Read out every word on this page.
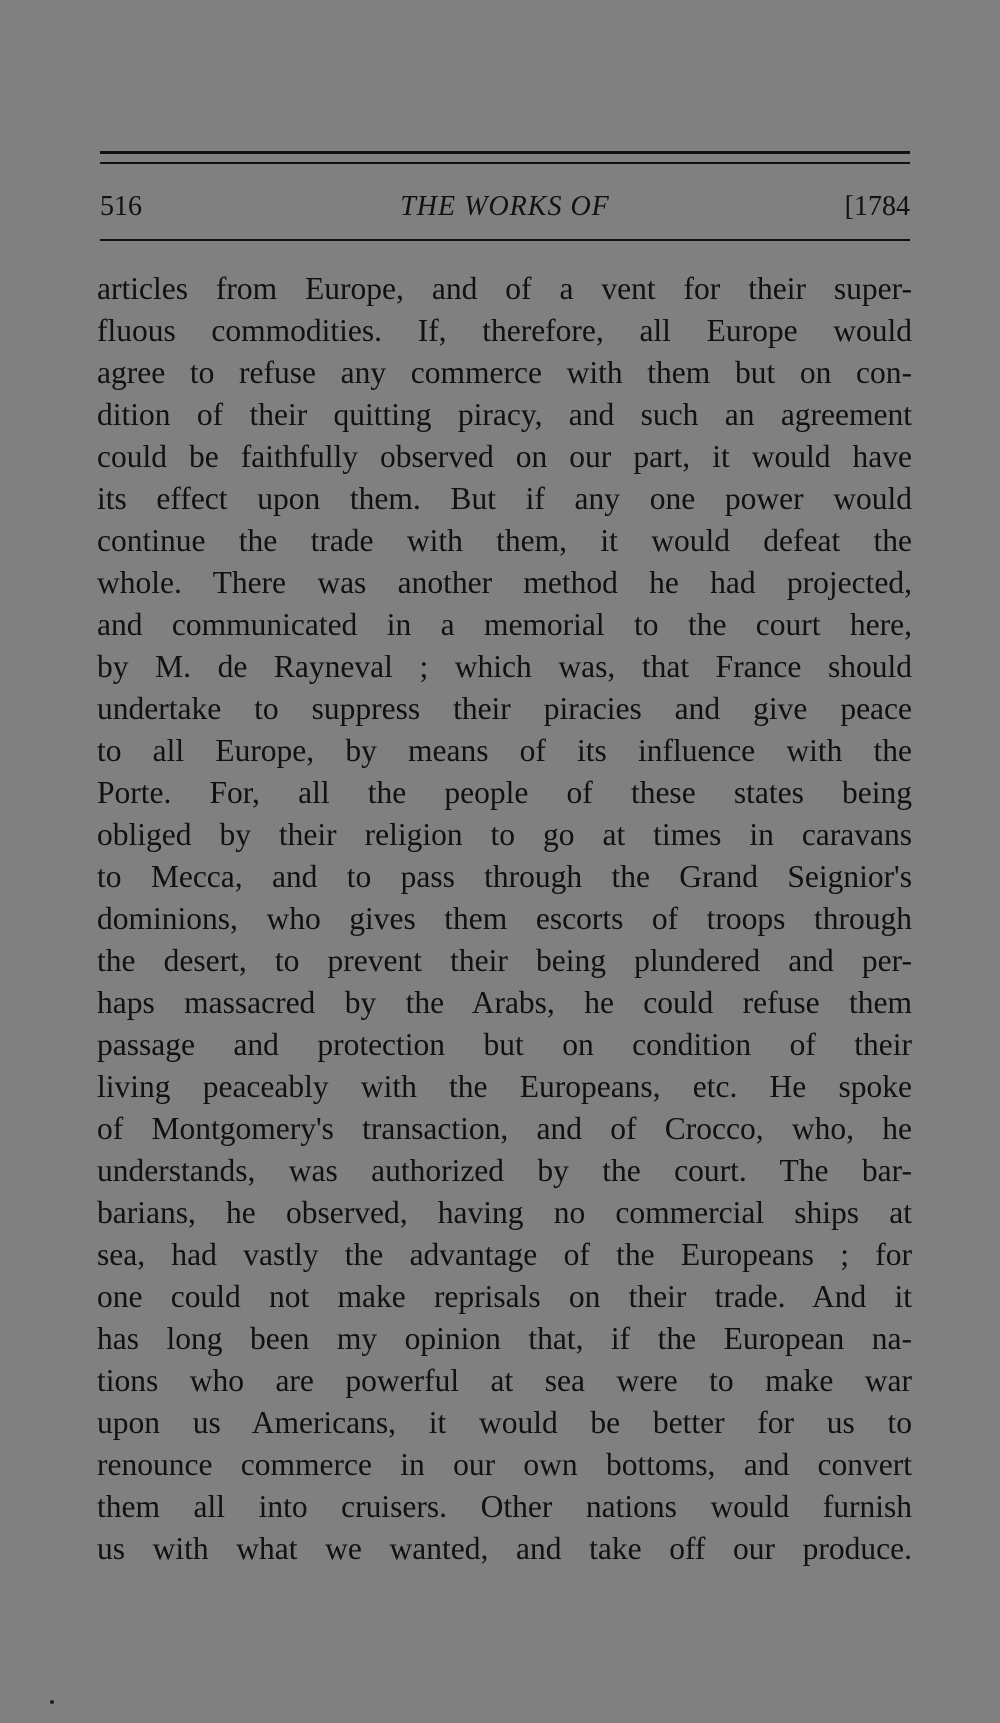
516	THE WORKS OF	[1784
articles from Europe, and of a vent for their super-
fluous commodities. If, therefore, all Europe would
agree to refuse any commerce with them but on con-
dition of their quitting piracy, and such an agreement
could be faithfully observed on our part, it would have
its effect upon them. But if any one power would
continue the trade with them, it would defeat the
whole. There was another method he had projected,
and communicated in a memorial to the court here,
by M. de Rayneval ; which was, that France should
undertake to suppress their piracies and give peace
to all Europe, by means of its influence with the
Porte. For, all the people of these states being
obliged by their religion to go at times in caravans
to Mecca, and to pass through the Grand Seignior's
dominions, who gives them escorts of troops through
the desert, to prevent their being plundered and per-
haps massacred by the Arabs, he could refuse them
passage and protection but on condition of their
living peaceably with the Europeans, etc. He spoke
of Montgomery's transaction, and of Crocco, who, he
understands, was authorized by the court. The bar-
barians, he observed, having no commercial ships at
sea, had vastly the advantage of the Europeans ; for
one could not make reprisals on their trade. And it
has long been my opinion that, if the European na-
tions who are powerful at sea were to make war
upon us Americans, it would be better for us to
renounce commerce in our own bottoms, and convert
them all into cruisers. Other nations would furnish
us with what we wanted, and take off our produce.
